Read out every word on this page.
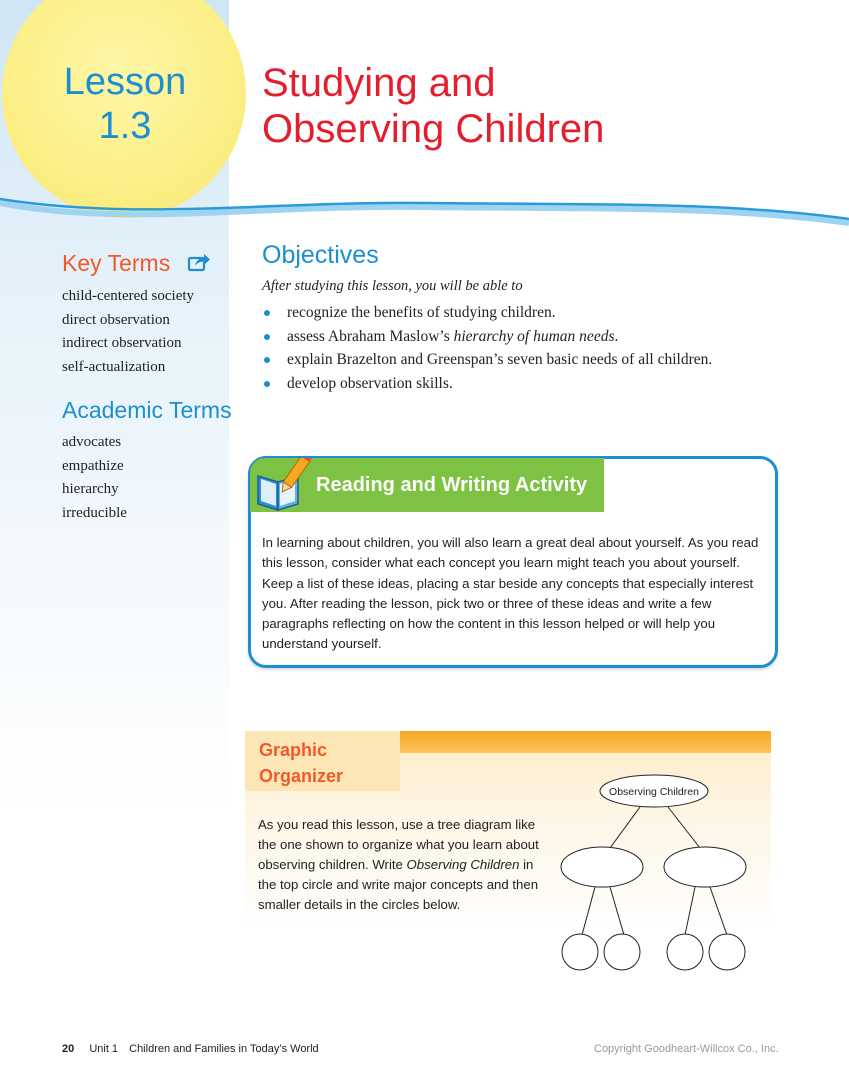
Lesson
1.3
Studying and
Observing Children
Key Terms
child-centered society
direct observation
indirect observation
self-actualization
Academic Terms
advocates
empathize
hierarchy
irreducible
Objectives
After studying this lesson, you will be able to
recognize the benefits of studying children.
assess Abraham Maslow’s hierarchy of human needs.
explain Brazelton and Greenspan’s seven basic needs of all children.
develop observation skills.
Reading and Writing Activity

In learning about children, you will also learn a great deal about yourself. As you read this lesson, consider what each concept you learn might teach you about yourself. Keep a list of these ideas, placing a star beside any concepts that especially interest you. After reading the lesson, pick two or three of these ideas and write a few paragraphs reflecting on how the content in this lesson helped or will help you understand yourself.

Graphic
Organizer

As you read this lesson, use a tree diagram like the one shown to organize what you learn about observing children. Write Observing Children in the top circle and write major concepts and then smaller details in the circles below.

Observing Children
20 Unit 1 Children and Families in Today’s World	Copyright Goodheart-Willcox Co., Inc.
